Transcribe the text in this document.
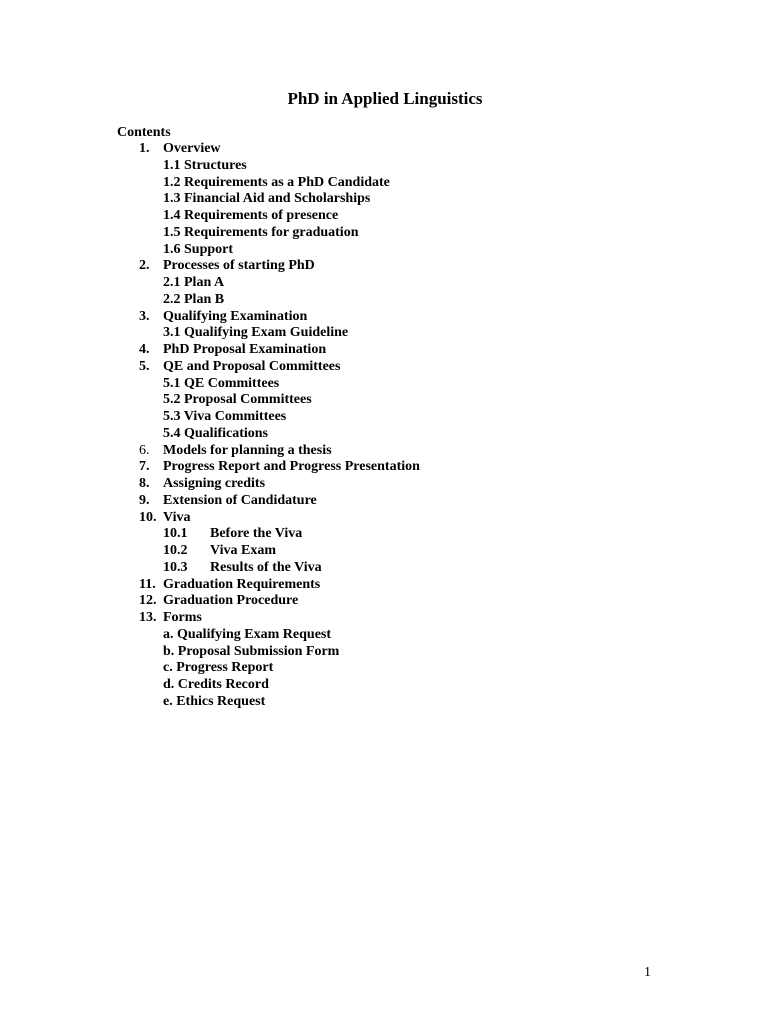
PhD in Applied Linguistics
Contents
1. Overview
1.1 Structures
1.2 Requirements as a PhD Candidate
1.3 Financial Aid and Scholarships
1.4 Requirements of presence
1.5 Requirements for graduation
1.6 Support
2. Processes of starting PhD
2.1 Plan A
2.2 Plan B
3. Qualifying Examination
3.1 Qualifying Exam Guideline
4. PhD Proposal Examination
5. QE and Proposal Committees
5.1 QE Committees
5.2 Proposal Committees
5.3 Viva Committees
5.4 Qualifications
6. Models for planning a thesis
7. Progress Report and Progress Presentation
8. Assigning credits
9. Extension of Candidature
10. Viva
10.1 Before the Viva
10.2 Viva Exam
10.3 Results of the Viva
11. Graduation Requirements
12. Graduation Procedure
13. Forms
a. Qualifying Exam Request
b. Proposal Submission Form
c. Progress Report
d. Credits Record
e. Ethics Request
1
